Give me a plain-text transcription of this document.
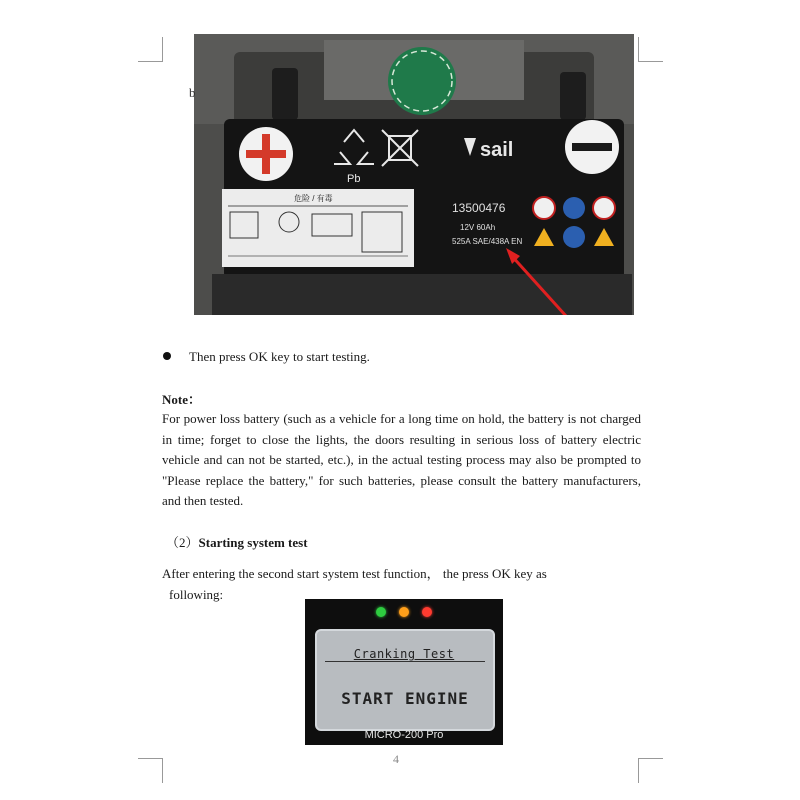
Pb
sail
危险 / 有毒
13500476
12V 60Ah
525A SAE/438A EN
b
Then press OK key to start testing.
Note：

For power loss battery (such as a vehicle for a long time on hold, the battery is not charged in time; forget to close the lights, the doors resulting in serious loss of battery electric vehicle and can not be started, etc.), in the actual testing process may also be prompted to "Please replace the battery," for such batteries, please consult the battery manufacturers, and then tested.

（2）Starting system test

After entering the second start system test function， the press OK key as
following:

Cranking Test
START ENGINE
MICRO-200 Pro
4
